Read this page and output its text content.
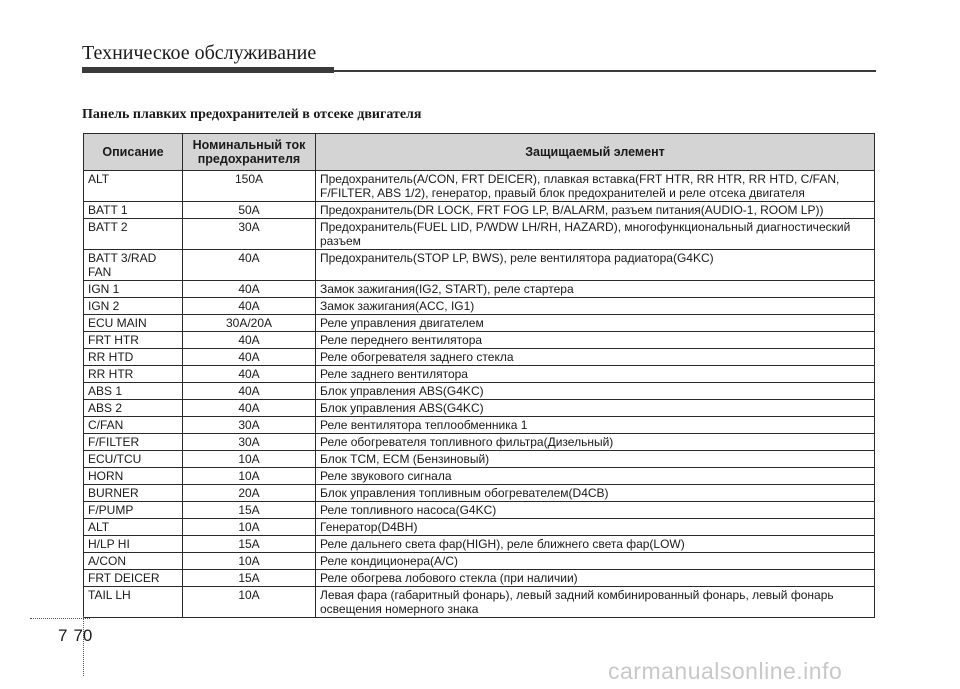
Техническое обслуживание
Панель плавких предохранителей в отсеке двигателя
Описание	Номинальный ток предохранителя	Защищаемый элемент
ALT	150A	Предохранитель(A/CON, FRT DEICER), плавкая вставка(FRT HTR, RR HTR, RR HTD, C/FAN, F/FILTER, ABS 1/2), генератор, правый блок предохранителей и реле отсека двигателя
BATT 1	50A	Предохранитель(DR LOCK, FRT FOG LP, B/ALARM, разъем питания(AUDIO-1, ROOM LP))
BATT 2	30A	Предохранитель(FUEL LID, P/WDW LH/RH, HAZARD), многофункциональный диагностический разъем
BATT 3/RAD FAN	40A	Предохранитель(STOP LP, BWS), реле вентилятора радиатора(G4KC)
IGN 1	40A	Замок зажигания(IG2, START), реле стартера
IGN 2	40A	Замок зажигания(ACC, IG1)
ECU MAIN	30A/20A	Реле управления двигателем
FRT HTR	40A	Реле переднего вентилятора
RR HTD	40A	Реле обогревателя заднего стекла
RR HTR	40A	Реле заднего вентилятора
ABS 1	40A	Блок управления ABS(G4KC)
ABS 2	40A	Блок управления ABS(G4KC)
C/FAN	30A	Реле вентилятора теплообменника 1
F/FILTER	30A	Реле обогревателя топливного фильтра(Дизельный)
ECU/TCU	10A	Блок TCM, ECM (Бензиновый)
HORN	10A	Реле звукового сигнала
BURNER	20A	Блок управления топливным обогревателем(D4CB)
F/PUMP	15A	Реле топливного насоса(G4KC)
ALT	10A	Генератор(D4BH)
H/LP HI	15A	Реле дальнего света фар(HIGH), реле ближнего света фар(LOW)
A/CON	10A	Реле кондиционера(A/C)
FRT DEICER	15A	Реле обогрева лобового стекла (при наличии)
TAIL LH	10A	Левая фара (габаритный фонарь), левый задний комбинированный фонарь, левый фонарь освещения номерного знака
7 70
carmanualsonline.info
